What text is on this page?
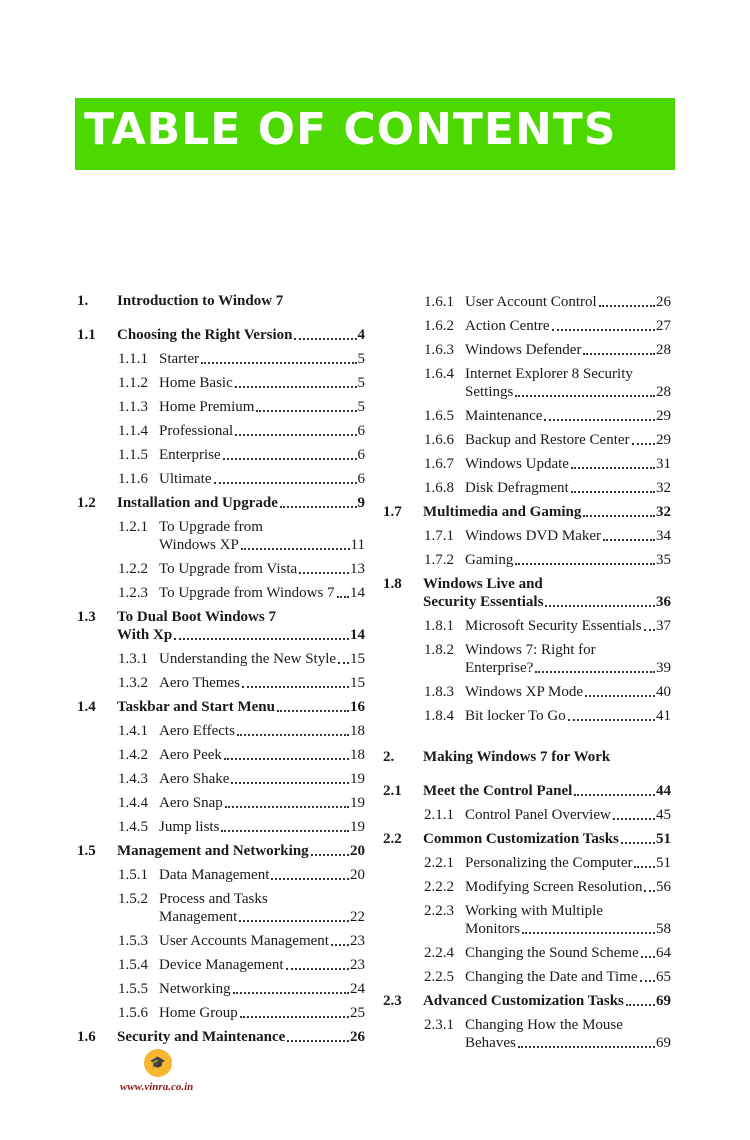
TABLE OF CONTENTS
1.	Introduction to Window 7
1.1	Choosing the Right Version	4
1.1.1 Starter	5
1.1.2 Home Basic	5
1.1.3 Home Premium	5
1.1.4 Professional	6
1.1.5 Enterprise	6
1.1.6 Ultimate	6
1.2	Installation and Upgrade	9
1.2.1 To Upgrade from
Windows XP	11
1.2.2 To Upgrade from Vista	13
1.2.3 To Upgrade from Windows 7 14
1.3	To Dual Boot Windows 7
With Xp	14
1.3.1 Understanding the New Style 15
1.3.2 Aero Themes	15
1.4	Taskbar and Start Menu	16
1.4.1 Aero Effects	18
1.4.2 Aero Peek	18
1.4.3 Aero Shake	19
1.4.4 Aero Snap	19
1.4.5 Jump lists	19
1.5	Management and Networking	20
1.5.1 Data Management	20
1.5.2 Process and Tasks
Management	22
1.5.3 User Accounts Management 23
1.5.4 Device Management	23
1.5.5 Networking	24
1.5.6 Home Group	25
1.6	Security and Maintenance	26
1.6.1 User Account Control	26
1.6.2 Action Centre	27
1.6.3 Windows Defender	28
1.6.4 Internet Explorer 8 Security
Settings	28
1.6.5 Maintenance	29
1.6.6 Backup and Restore Center 29
1.6.7 Windows Update	31
1.6.8 Disk Defragment	32
1.7	Multimedia and Gaming	32
1.7.1 Windows DVD Maker	34
1.7.2 Gaming	35
1.8	Windows Live and
Security Essentials	36
1.8.1 Microsoft Security Essentials 37
1.8.2 Windows 7: Right for
Enterprise?	39
1.8.3 Windows XP Mode	40
1.8.4 Bit locker To Go	41
2.	Making Windows 7 for Work
2.1	Meet the Control Panel	44
2.1.1 Control Panel Overview	45
2.2	Common Customization Tasks 51
2.2.1 Personalizing the Computer 51
2.2.2 Modifying Screen Resolution 56
2.2.3 Working with Multiple
Monitors	58
2.2.4 Changing the Sound Scheme 64
2.2.5 Changing the Date and Time 65
2.3	Advanced Customization Tasks 69
2.3.1 Changing How the Mouse
Behaves	69
🎓
www.vinra.co.in
